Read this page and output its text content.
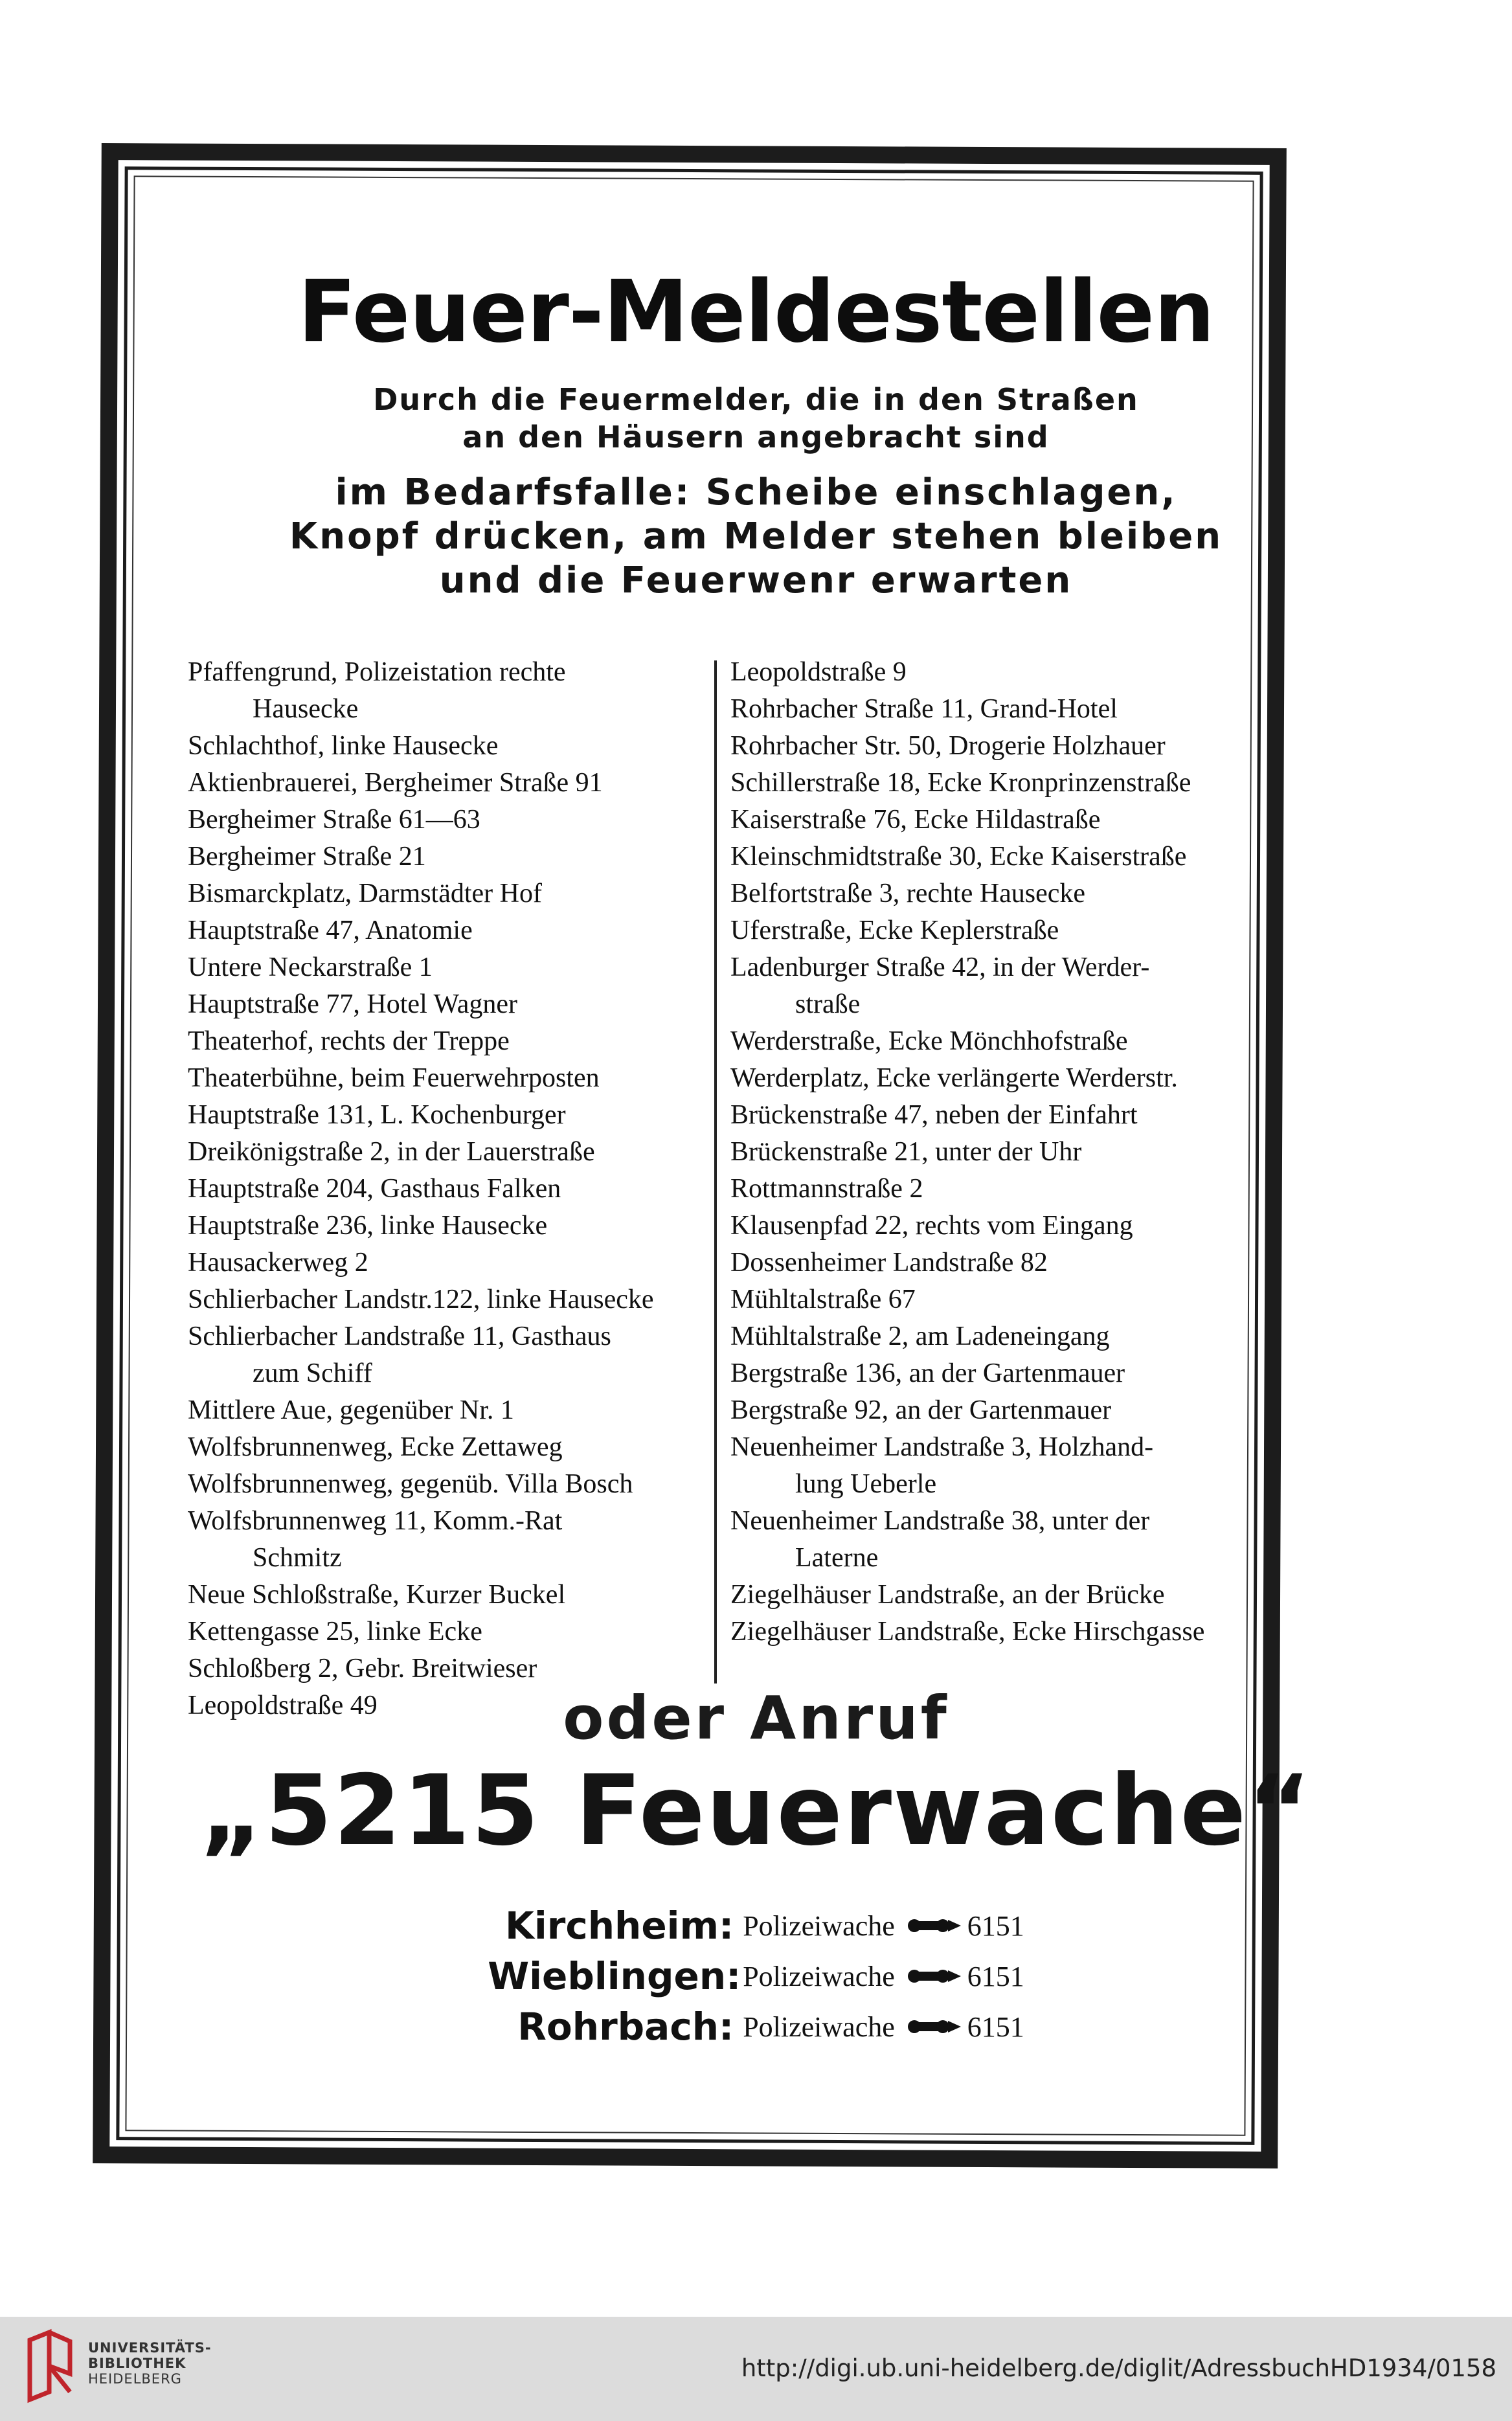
Feuer-Meldestellen
Durch die Feuermelder, die in den Straßen
an den Häusern angebracht sind
im Bedarfsfalle: Scheibe einschlagen,
Knopf drücken, am Melder stehen bleiben
und die Feuerwenr erwarten
Pfaffengrund, Polizeistation rechte
Hausecke
Schlachthof, linke Hausecke
Aktienbrauerei, Bergheimer Straße 91
Bergheimer Straße 61—63
Bergheimer Straße 21
Bismarckplatz, Darmstädter Hof
Hauptstraße 47, Anatomie
Untere Neckarstraße 1
Hauptstraße 77, Hotel Wagner
Theaterhof, rechts der Treppe
Theaterbühne, beim Feuerwehrposten
Hauptstraße 131, L. Kochenburger
Dreikönigstraße 2, in der Lauerstraße
Hauptstraße 204, Gasthaus Falken
Hauptstraße 236, linke Hausecke
Hausackerweg 2
Schlierbacher Landstr.122, linke Hausecke
Schlierbacher Landstraße 11, Gasthaus
zum Schiff
Mittlere Aue, gegenüber Nr. 1
Wolfsbrunnenweg, Ecke Zettaweg
Wolfsbrunnenweg, gegenüb. Villa Bosch
Wolfsbrunnenweg 11, Komm.-Rat
Schmitz
Neue Schloßstraße, Kurzer Buckel
Kettengasse 25, linke Ecke
Schloßberg 2, Gebr. Breitwieser
Leopoldstraße 49
Leopoldstraße 9
Rohrbacher Straße 11, Grand-Hotel
Rohrbacher Str. 50, Drogerie Holzhauer
Schillerstraße 18, Ecke Kronprinzenstraße
Kaiserstraße 76, Ecke Hildastraße
Kleinschmidtstraße 30, Ecke Kaiserstraße
Belfortstraße 3, rechte Hausecke
Uferstraße, Ecke Keplerstraße
Ladenburger Straße 42, in der Werder-
straße
Werderstraße, Ecke Mönchhofstraße
Werderplatz, Ecke verlängerte Werderstr.
Brückenstraße 47, neben der Einfahrt
Brückenstraße 21, unter der Uhr
Rottmannstraße 2
Klausenpfad 22, rechts vom Eingang
Dossenheimer Landstraße 82
Mühltalstraße 67
Mühltalstraße 2, am Ladeneingang
Bergstraße 136, an der Gartenmauer
Bergstraße 92, an der Gartenmauer
Neuenheimer Landstraße 3, Holzhand-
lung Ueberle
Neuenheimer Landstraße 38, unter der
Laterne
Ziegelhäuser Landstraße, an der Brücke
Ziegelhäuser Landstraße, Ecke Hirschgasse
oder Anruf
„5215 Feuerwache“
Kirchheim: Polizeiwache	6151
Wieblingen:Polizeiwache	6151
Rohrbach: Polizeiwache	6151
UNIVERSITÄTS-
BIBLIOTHEK
HEIDELBERG	http://digi.ub.uni-heidelberg.de/diglit/AdressbuchHD1934/0158
